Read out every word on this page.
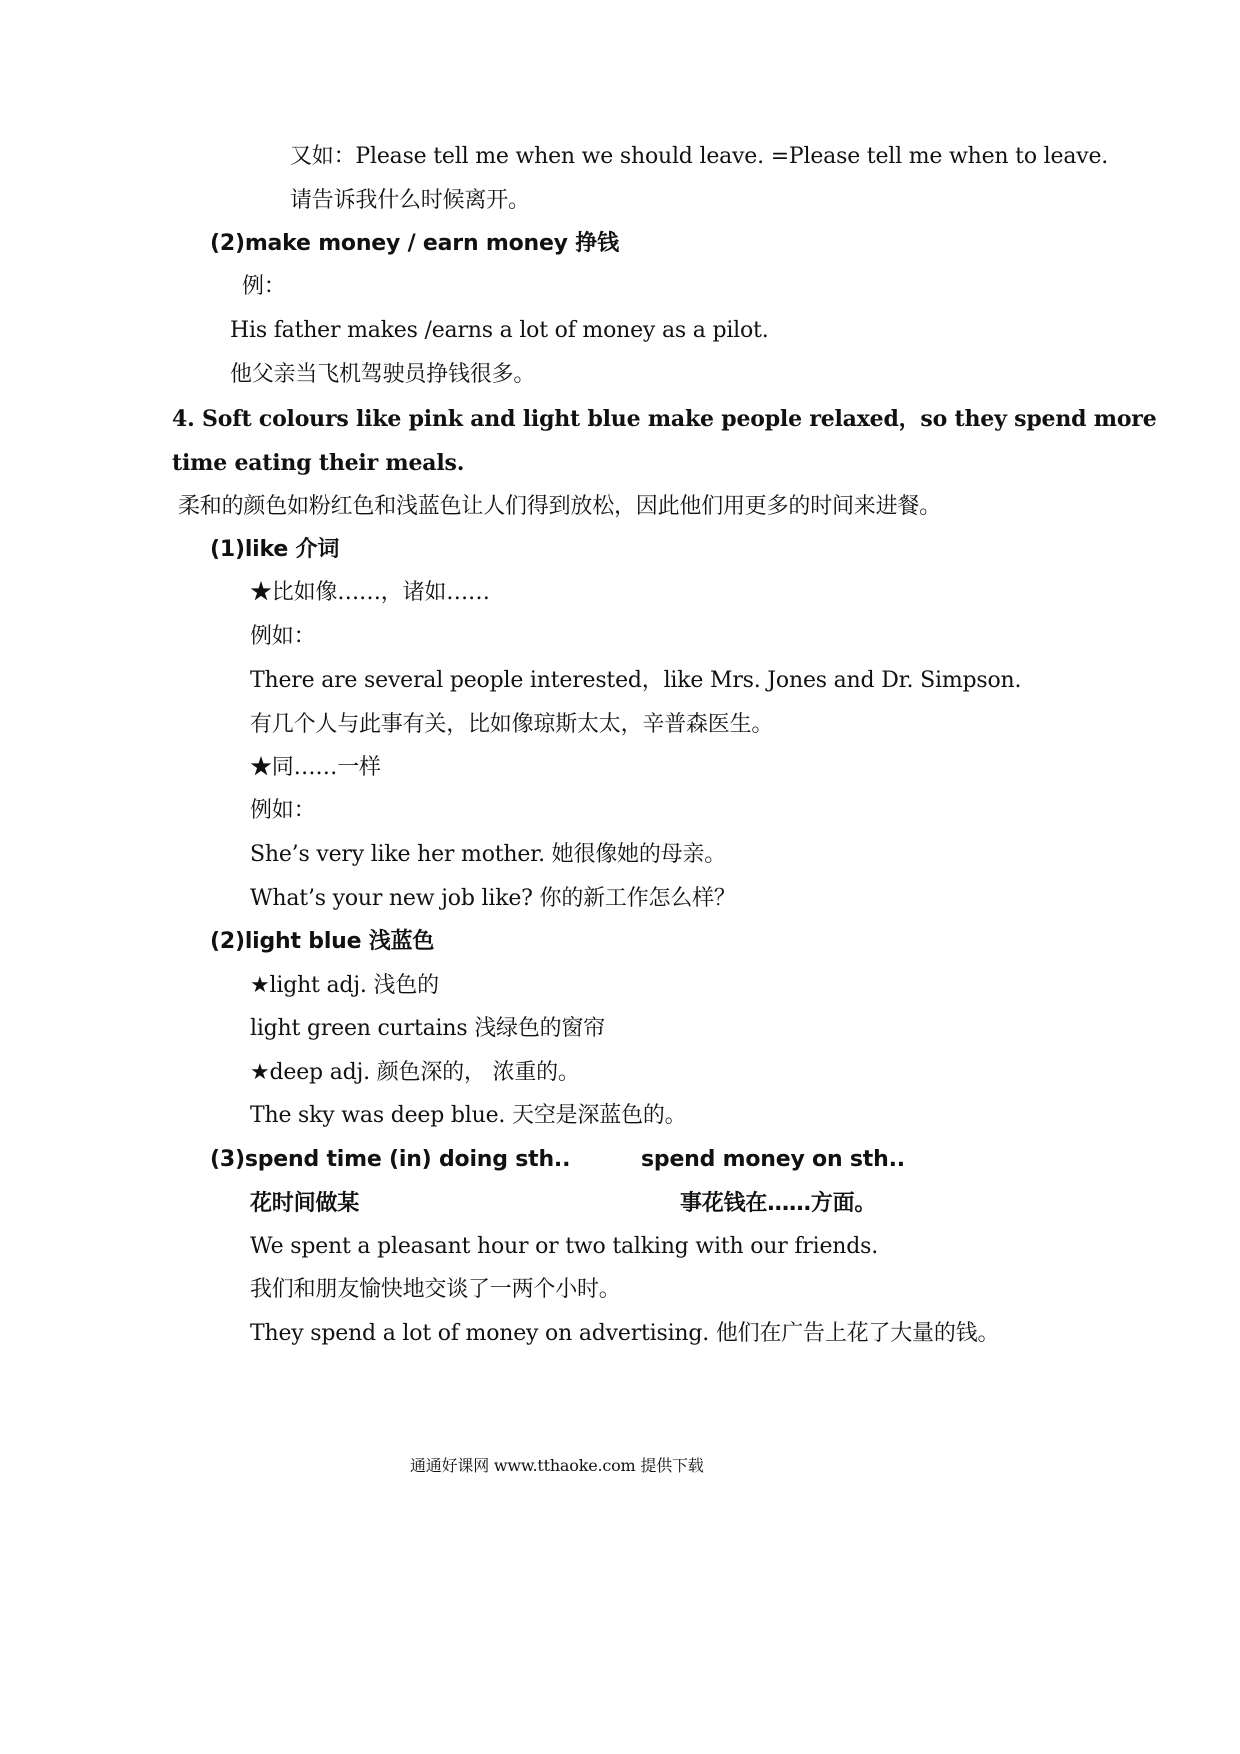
又如：Please tell me when we should leave. =Please tell me when to leave.
请告诉我什么时候离开。
(2)make money / earn money 挣钱
例：
His father makes /earns a lot of money as a pilot.
他父亲当飞机驾驶员挣钱很多。
4. Soft colours like pink and light blue make people relaxed，so they spend more
time eating their meals.
柔和的颜色如粉红色和浅蓝色让人们得到放松，因此他们用更多的时间来进餐。
(1)like 介词
★比如像……，诸如……
例如：
There are several people interested，like Mrs. Jones and Dr. Simpson.
有几个人与此事有关，比如像琼斯太太，辛普森医生。
★同……一样
例如：
She’s very like her mother. 她很像她的母亲。
What’s your new job like? 你的新工作怎么样？
(2)light blue 浅蓝色
★light adj. 浅色的
light green curtains 浅绿色的窗帘
★deep adj. 颜色深的， 浓重的。
The sky was deep blue. 天空是深蓝色的。
(3)spend time (in) doing sth..	spend money on sth..
花时间做某	事花钱在……方面。
We spent a pleasant hour or two talking with our friends.
我们和朋友愉快地交谈了一两个小时。
They spend a lot of money on advertising. 他们在广告上花了大量的钱。
通通好课网 www.tthaoke.com 提供下载
